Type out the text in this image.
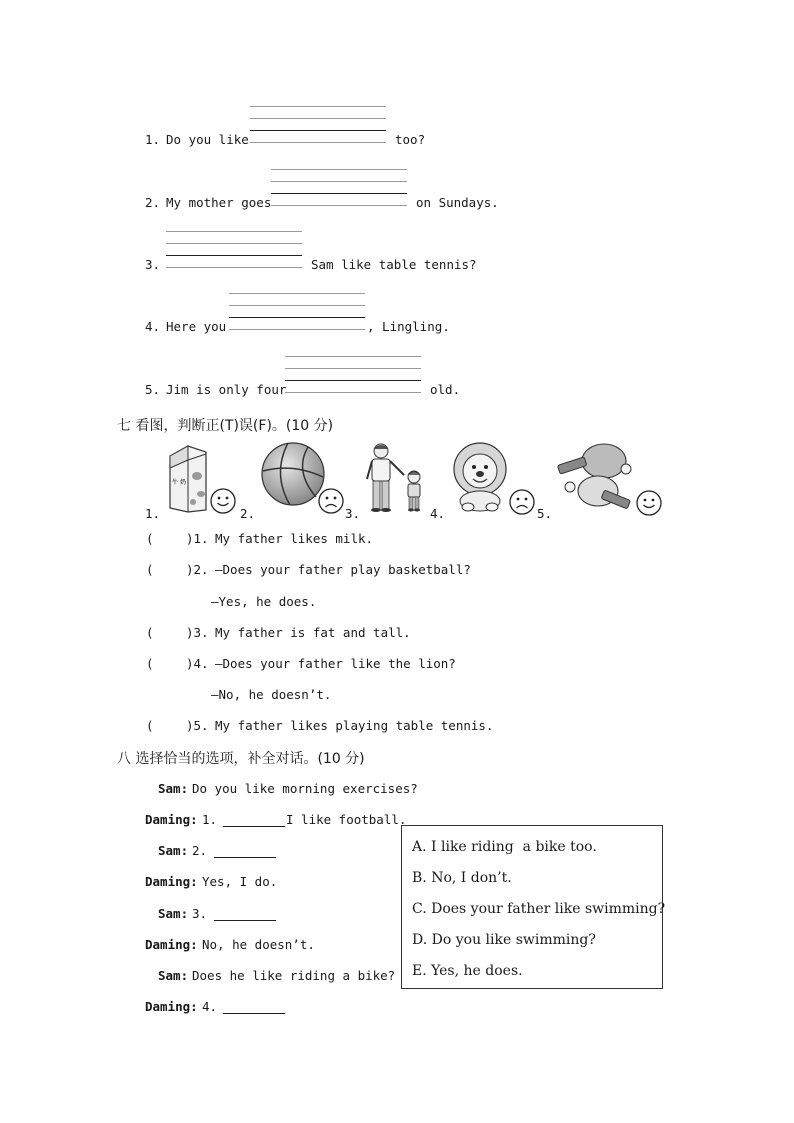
1. Do you like	too?
2. My mother goes	on Sundays.
3.	Sam like table tennis?
4. Here you	, Lingling.
5. Jim is only four	old.
七 看图，判断正(T)误(F)。(10 分)
1.	2.	3.	4.	5.
牛 奶
(	)1. My father likes milk.
(	)2. —Does your father play basketball?
—Yes, he does.
(	)3. My father is fat and tall.
(	)4. —Does your father like the lion?
—No, he doesn’t.
(	)5. My father likes playing table tennis.
八 选择恰当的选项，补全对话。(10 分)
Sam: Do you like morning exercises?
Daming: 1.	I like football.
Sam: 2.
Daming: Yes, I do.
Sam: 3.
Daming: No, he doesn’t.
Sam: Does he like riding a bike?
Daming: 4.
A. I like riding  a bike too.
B. No, I don’t.
C. Does your father like swimming?
D. Do you like swimming?
E. Yes, he does.
